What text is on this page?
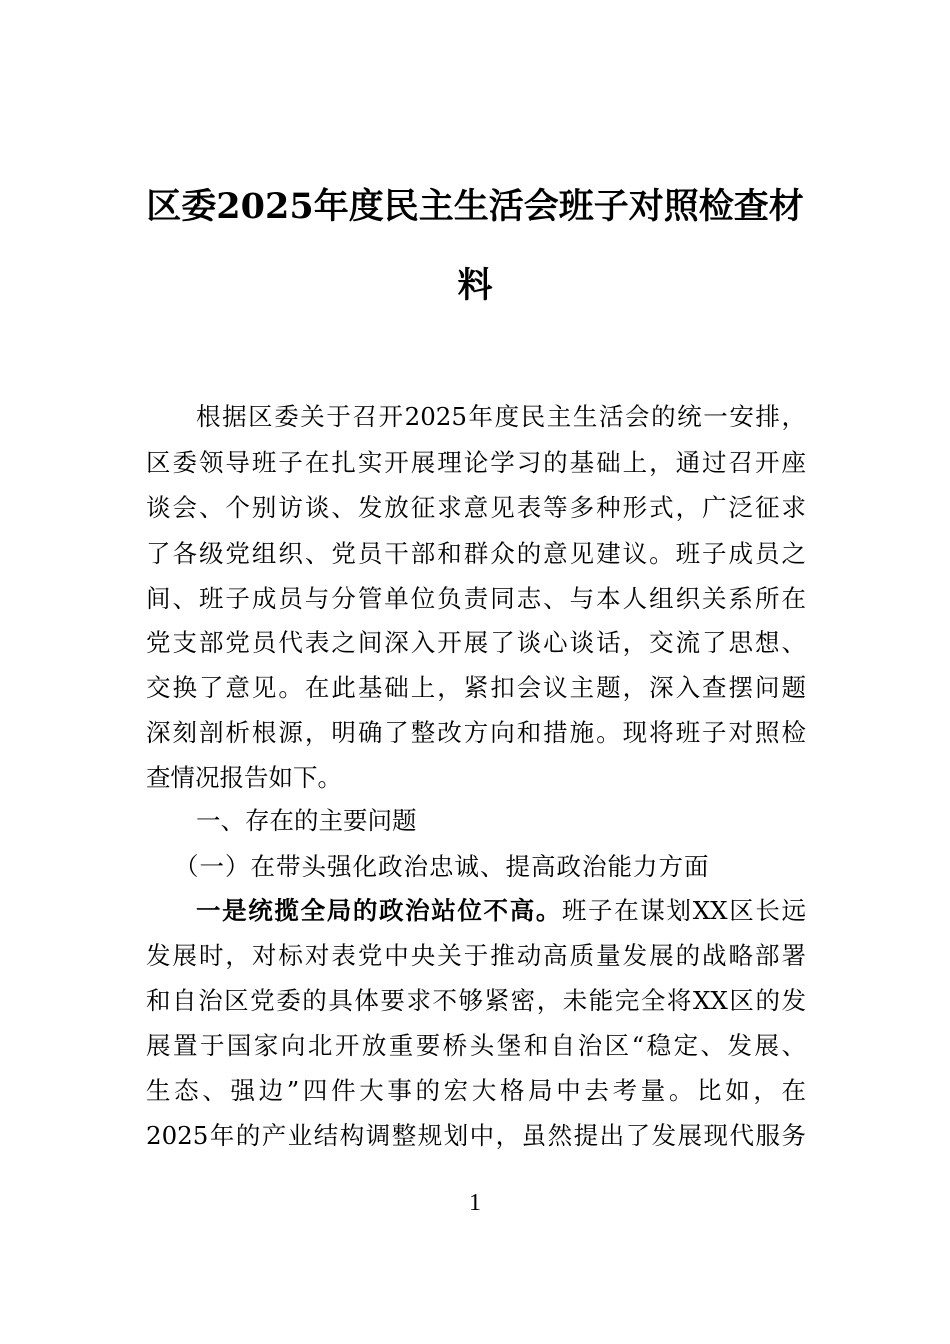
区委2025年度民主生活会班子对照检查材
料
根据区委关于召开2025年度民主生活会的统一安排，
区委领导班子在扎实开展理论学习的基础上，通过召开座
谈会、个别访谈、发放征求意见表等多种形式，广泛征求
了各级党组织、党员干部和群众的意见建议。班子成员之
间、班子成员与分管单位负责同志、与本人组织关系所在
党支部党员代表之间深入开展了谈心谈话，交流了思想、
交换了意见。在此基础上，紧扣会议主题，深入查摆问题
深刻剖析根源，明确了整改方向和措施。现将班子对照检
查情况报告如下。
一、存在的主要问题
（一）在带头强化政治忠诚、提高政治能力方面
一是统揽全局的政治站位不高。班子在谋划XX区长远
发展时，对标对表党中央关于推动高质量发展的战略部署
和自治区党委的具体要求不够紧密，未能完全将XX区的发
展置于国家向北开放重要桥头堡和自治区“稳定、发展、
生态、强边”四件大事的宏大格局中去考量。比如，在
2025年的产业结构调整规划中，虽然提出了发展现代服务
1
